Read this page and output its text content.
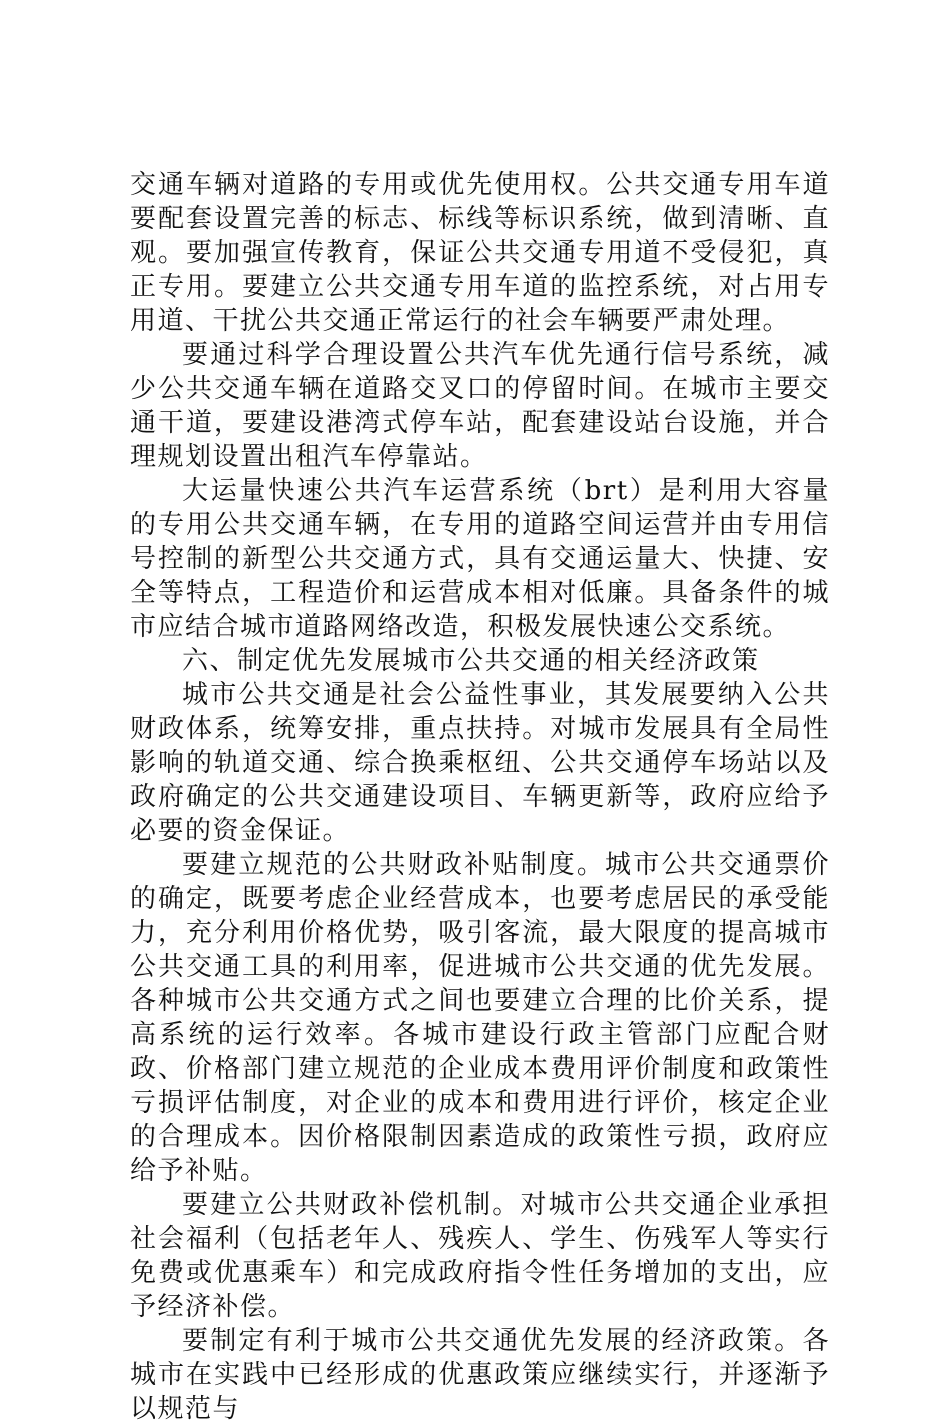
交通车辆对道路的专用或优先使用权。公共交通专用车道要配套设置完善的标志、标线等标识系统，做到清晰、直观。要加强宣传教育，保证公共交通专用道不受侵犯，真正专用。要建立公共交通专用车道的监控系统，对占用专用道、干扰公共交通正常运行的社会车辆要严肃处理。

要通过科学合理设置公共汽车优先通行信号系统，减少公共交通车辆在道路交叉口的停留时间。在城市主要交通干道，要建设港湾式停车站，配套建设站台设施，并合理规划设置出租汽车停靠站。

大运量快速公共汽车运营系统（brt）是利用大容量的专用公共交通车辆，在专用的道路空间运营并由专用信号控制的新型公共交通方式，具有交通运量大、快捷、安全等特点，工程造价和运营成本相对低廉。具备条件的城市应结合城市道路网络改造，积极发展快速公交系统。

六、制定优先发展城市公共交通的相关经济政策

城市公共交通是社会公益性事业，其发展要纳入公共财政体系，统筹安排，重点扶持。对城市发展具有全局性影响的轨道交通、综合换乘枢纽、公共交通停车场站以及政府确定的公共交通建设项目、车辆更新等，政府应给予必要的资金保证。

要建立规范的公共财政补贴制度。城市公共交通票价的确定，既要考虑企业经营成本，也要考虑居民的承受能力，充分利用价格优势，吸引客流，最大限度的提高城市公共交通工具的利用率，促进城市公共交通的优先发展。各种城市公共交通方式之间也要建立合理的比价关系，提高系统的运行效率。各城市建设行政主管部门应配合财政、价格部门建立规范的企业成本费用评价制度和政策性亏损评估制度，对企业的成本和费用进行评价，核定企业的合理成本。因价格限制因素造成的政策性亏损，政府应给予补贴。

要建立公共财政补偿机制。对城市公共交通企业承担社会福利（包括老年人、残疾人、学生、伤残军人等实行免费或优惠乘车）和完成政府指令性任务增加的支出，应予经济补偿。

要制定有利于城市公共交通优先发展的经济政策。各城市在实践中已经形成的优惠政策应继续实行，并逐渐予以规范与
